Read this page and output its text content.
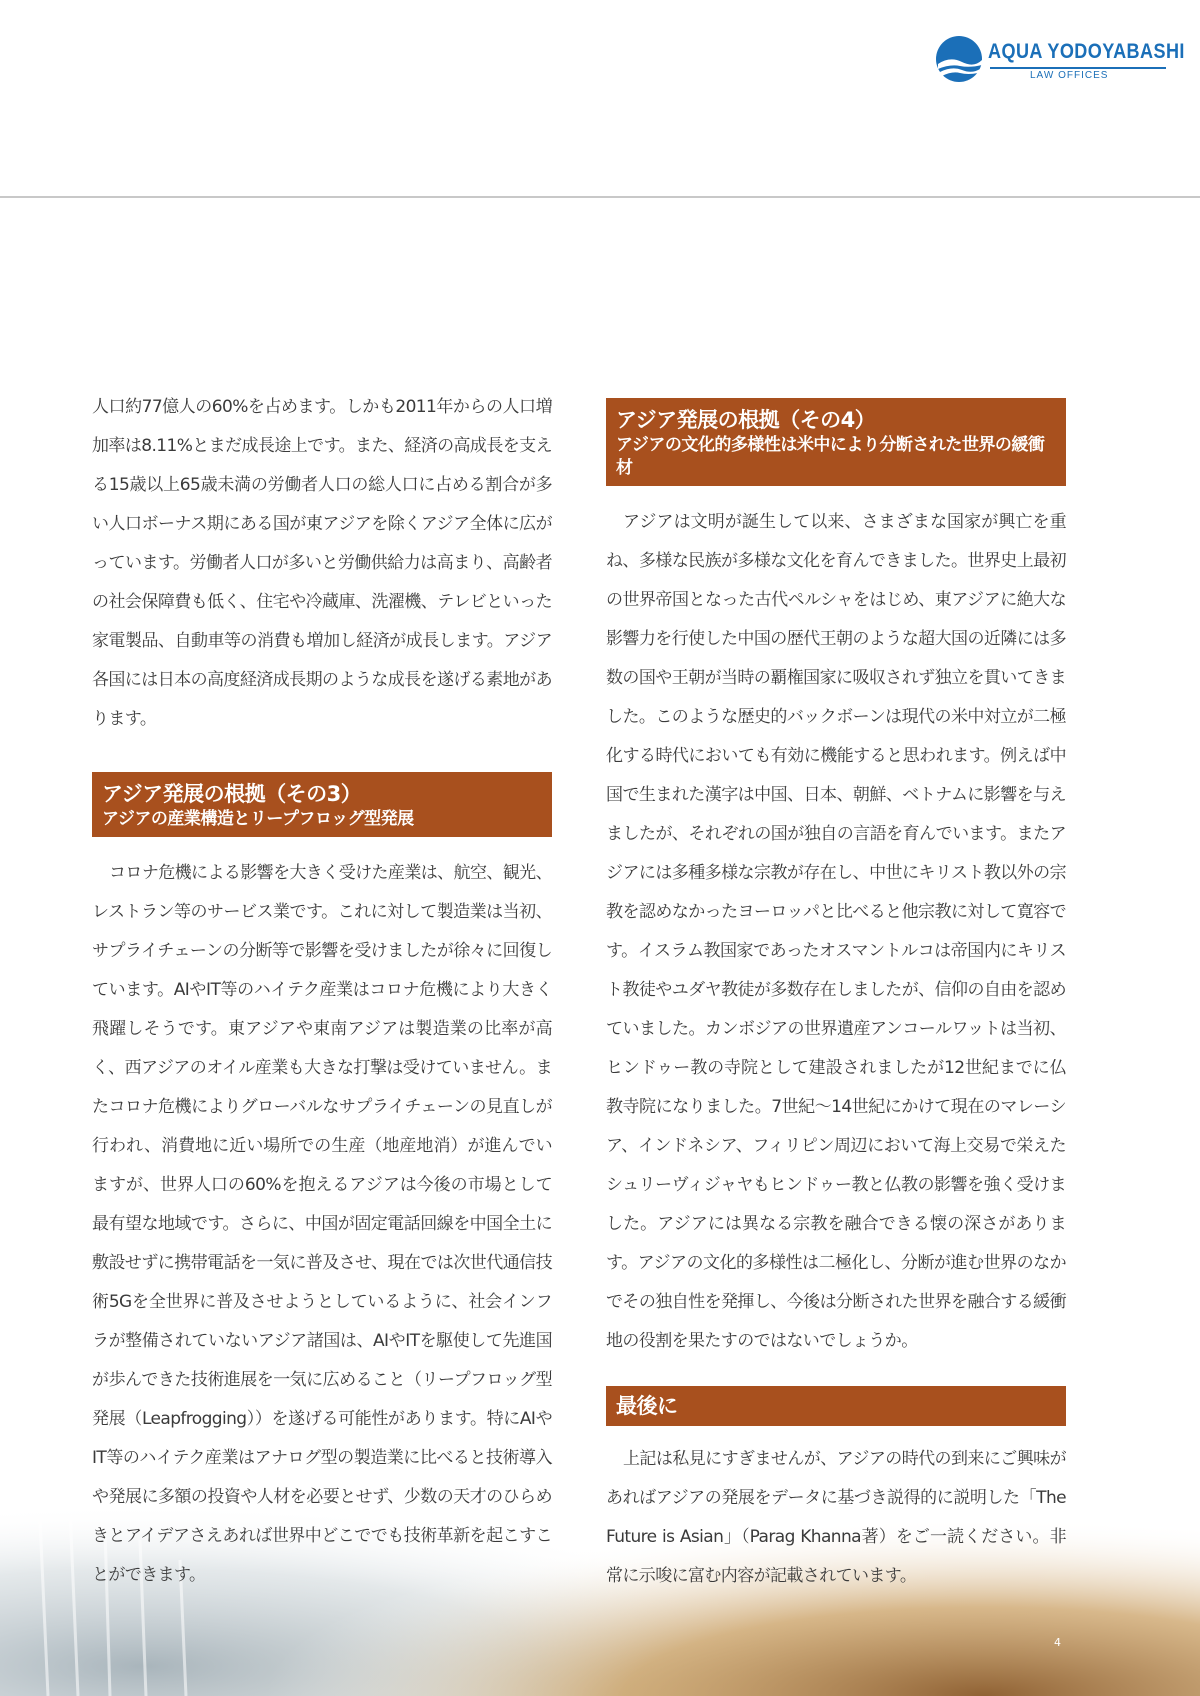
AQUA YODOYABASHI
LAW OFFICES

人口約77億人の60%を占めます。しかも2011年からの人口増加率は8.11%とまだ成長途上です。また、経済の高成長を支える15歳以上65歳未満の労働者人口の総人口に占める割合が多い人口ボーナス期にある国が東アジアを除くアジア全体に広がっています。労働者人口が多いと労働供給力は高まり、高齢者の社会保障費も低く、住宅や冷蔵庫、洗濯機、テレビといった家電製品、自動車等の消費も増加し経済が成長します。アジア各国には日本の高度経済成長期のような成長を遂げる素地があります。

アジア発展の根拠（その3）
アジアの産業構造とリープフロッグ型発展

コロナ危機による影響を大きく受けた産業は、航空、観光、レストラン等のサービス業です。これに対して製造業は当初、サプライチェーンの分断等で影響を受けましたが徐々に回復しています。AIやIT等のハイテク産業はコロナ危機により大きく飛躍しそうです。東アジアや東南アジアは製造業の比率が高く、西アジアのオイル産業も大きな打撃は受けていません。またコロナ危機によりグローバルなサプライチェーンの見直しが行われ、消費地に近い場所での生産（地産地消）が進んでいますが、世界人口の60%を抱えるアジアは今後の市場として最有望な地域です。さらに、中国が固定電話回線を中国全土に敷設せずに携帯電話を一気に普及させ、現在では次世代通信技術5Gを全世界に普及させようとしているように、社会インフラが整備されていないアジア諸国は、AIやITを駆使して先進国が歩んできた技術進展を一気に広めること（リープフロッグ型発展（Leapfrogging））を遂げる可能性があります。特にAIやIT等のハイテク産業はアナログ型の製造業に比べると技術導入や発展に多額の投資や人材を必要とせず、少数の天才のひらめきとアイデアさえあれば世界中どこででも技術革新を起こすことができます。

アジア発展の根拠（その4）
アジアの文化的多様性は米中により分断された世界の緩衝材

アジアは文明が誕生して以来、さまざまな国家が興亡を重ね、多様な民族が多様な文化を育んできました。世界史上最初の世界帝国となった古代ペルシャをはじめ、東アジアに絶大な影響力を行使した中国の歴代王朝のような超大国の近隣には多数の国や王朝が当時の覇権国家に吸収されず独立を貫いてきました。このような歴史的バックボーンは現代の米中対立が二極化する時代においても有効に機能すると思われます。例えば中国で生まれた漢字は中国、日本、朝鮮、ベトナムに影響を与えましたが、それぞれの国が独自の言語を育んでいます。またアジアには多種多様な宗教が存在し、中世にキリスト教以外の宗教を認めなかったヨーロッパと比べると他宗教に対して寛容です。イスラム教国家であったオスマントルコは帝国内にキリスト教徒やユダヤ教徒が多数存在しましたが、信仰の自由を認めていました。カンボジアの世界遺産アンコールワットは当初、ヒンドゥー教の寺院として建設されましたが12世紀までに仏教寺院になりました。7世紀～14世紀にかけて現在のマレーシア、インドネシア、フィリピン周辺において海上交易で栄えたシュリーヴィジャヤもヒンドゥー教と仏教の影響を強く受けました。アジアには異なる宗教を融合できる懐の深さがあります。アジアの文化的多様性は二極化し、分断が進む世界のなかでその独自性を発揮し、今後は分断された世界を融合する緩衝地の役割を果たすのではないでしょうか。

最後に

上記は私見にすぎませんが、アジアの時代の到来にご興味があればアジアの発展をデータに基づき説得的に説明した「The Future is Asian」（Parag Khanna著）をご一読ください。非常に示唆に富む内容が記載されています。

4
